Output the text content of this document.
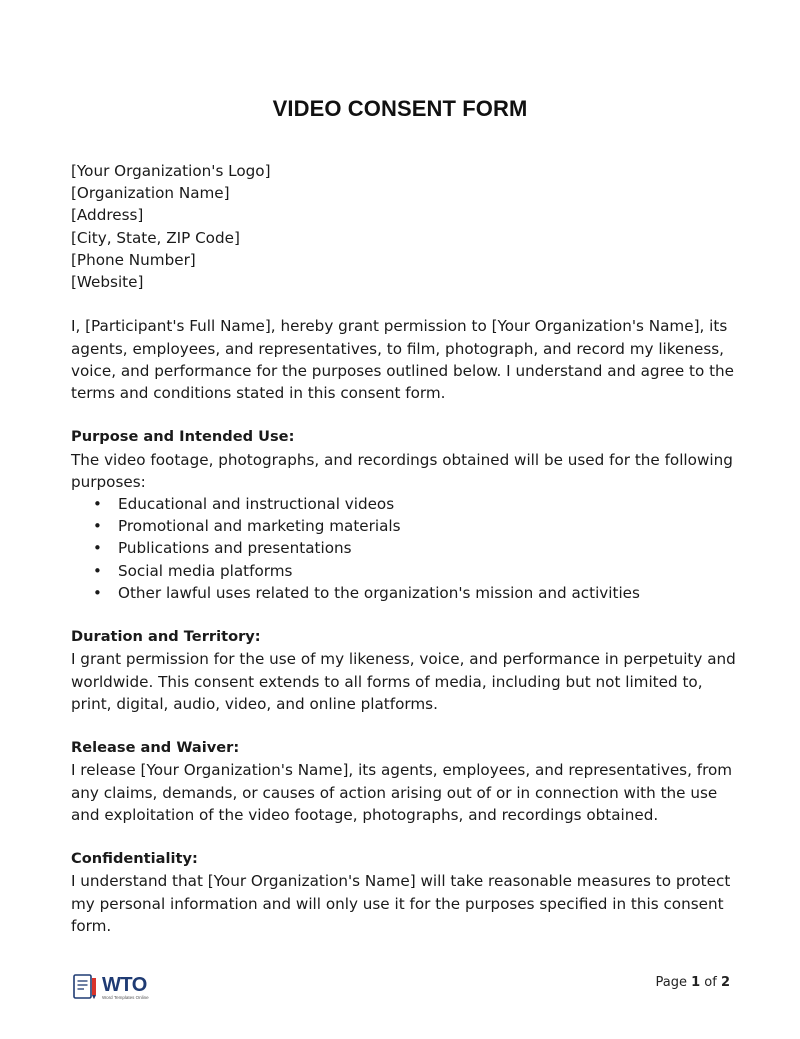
VIDEO CONSENT FORM

[Your Organization's Logo]

[Organization Name]

[Address]

[City, State, ZIP Code]

[Phone Number]

[Website]

I, [Participant's Full Name], hereby grant permission to [Your Organization's Name], its agents, employees, and representatives, to film, photograph, and record my likeness, voice, and performance for the purposes outlined below. I understand and agree to the terms and conditions stated in this consent form.

Purpose and Intended Use:

The video footage, photographs, and recordings obtained will be used for the following purposes:

• Educational and instructional videos
• Promotional and marketing materials
• Publications and presentations
• Social media platforms
• Other lawful uses related to the organization's mission and activities

Duration and Territory:

I grant permission for the use of my likeness, voice, and performance in perpetuity and worldwide. This consent extends to all forms of media, including but not limited to, print, digital, audio, video, and online platforms.

Release and Waiver:

I release [Your Organization's Name], its agents, employees, and representatives, from any claims, demands, or causes of action arising out of or in connection with the use and exploitation of the video footage, photographs, and recordings obtained.

Confidentiality:

I understand that [Your Organization's Name] will take reasonable measures to protect my personal information and will only use it for the purposes specified in this consent form.

WTO
Word Templates Online
Page 1 of 2
